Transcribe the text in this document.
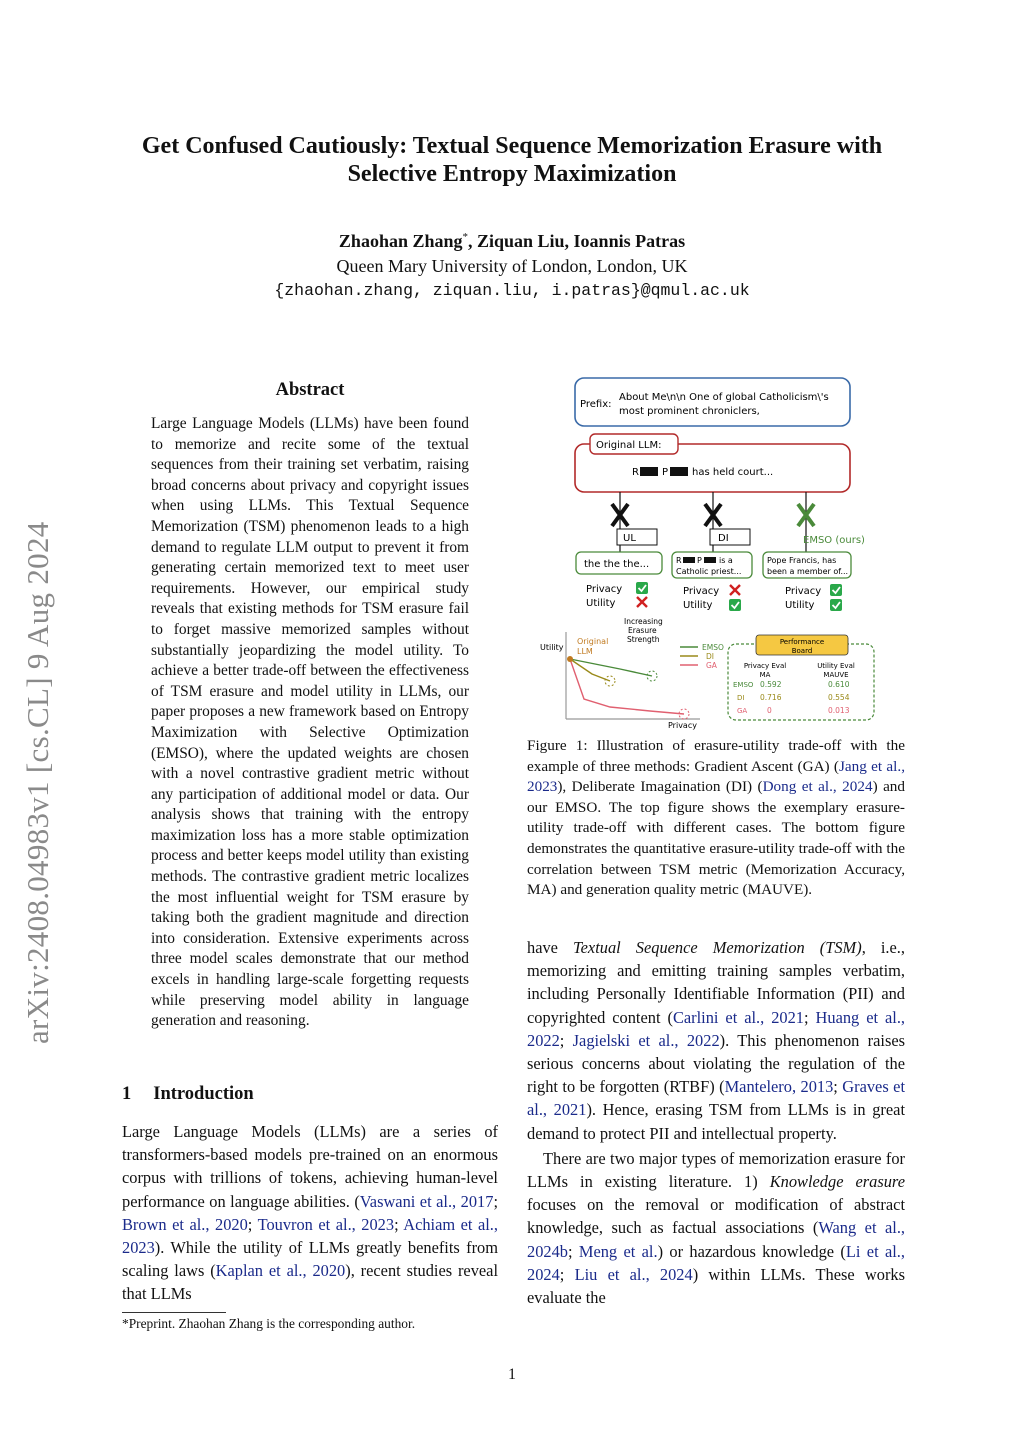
Get Confused Cautiously: Textual Sequence Memorization Erasure with
Selective Entropy Maximization
Zhaohan Zhang*, Ziquan Liu, Ioannis Patras
Queen Mary University of London, London, UK
{zhaohan.zhang, ziquan.liu, i.patras}@qmul.ac.uk
arXiv:2408.04983v1 [cs.CL] 9 Aug 2024
Abstract
Large Language Models (LLMs) have been found to memorize and recite some of the textual sequences from their training set verbatim, raising broad concerns about privacy and copyright issues when using LLMs. This Textual Sequence Memorization (TSM) phenomenon leads to a high demand to regulate LLM output to prevent it from generating certain memorized text to meet user requirements. However, our empirical study reveals that existing methods for TSM erasure fail to forget massive memorized samples without substantially jeopardizing the model utility. To achieve a better trade-off between the effectiveness of TSM erasure and model utility in LLMs, our paper proposes a new framework based on Entropy Maximization with Selective Optimization (EMSO), where the updated weights are chosen with a novel contrastive gradient metric without any participation of additional model or data. Our analysis shows that training with the entropy maximization loss has a more stable optimization process and better keeps model utility than existing methods. The contrastive gradient metric localizes the most influential weight for TSM erasure by taking both the gradient magnitude and direction into consideration. Extensive experiments across three model scales demonstrate that our method excels in handling large-scale forgetting requests while preserving model ability in language generation and reasoning.
1 Introduction
Large Language Models (LLMs) are a series of transformers-based models pre-trained on an enormous corpus with trillions of tokens, achieving human-level performance on language abilities. (Vaswani et al., 2017; Brown et al., 2020; Touvron et al., 2023; Achiam et al., 2023). While the utility of LLMs greatly benefits from scaling laws (Kaplan et al., 2020), recent studies reveal that LLMs
*Preprint. Zhaohan Zhang is the corresponding author.
1
Prefix:
About Me\n\n One of global Catholicism\'s
most prominent chroniclers,
Original LLM:
R P has held court...
UL	DI	EMSO (ours)
the the the...	R P is a
Catholic priest...
Pope Francis, has
been a member of...
Privacy
Utility
Privacy
Utility
Privacy
Utility
Utility
Privacy
Original
LLM
Increasing
Erasure
Strength
EMSO
DI
GA
Performance
Board
Privacy Eval
MA
Utility Eval
MAUVE
EMSO 0.592	0.610
DI 0.716	0.554
GA	0	0.013
Figure 1: Illustration of erasure-utility trade-off with the example of three methods: Gradient Ascent (GA) (Jang et al., 2023), Deliberate Imagaination (DI) (Dong et al., 2024) and our EMSO. The top figure shows the exemplary erasure-utility trade-off with different cases. The bottom figure demonstrates the quantitative erasure-utility trade-off with the correlation between TSM metric (Memorization Accuracy, MA) and generation quality metric (MAUVE).

have Textual Sequence Memorization (TSM), i.e., memorizing and emitting training samples verbatim, including Personally Identifiable Information (PII) and copyrighted content (Carlini et al., 2021; Huang et al., 2022; Jagielski et al., 2022). This phenomenon raises serious concerns about violating the regulation of the right to be forgotten (RTBF) (Mantelero, 2013; Graves et al., 2021). Hence, erasing TSM from LLMs is in great demand to protect PII and intellectual property.

There are two major types of memorization erasure for LLMs in existing literature. 1) Knowledge erasure focuses on the removal or modification of abstract knowledge, such as factual associations (Wang et al., 2024b; Meng et al.) or hazardous knowledge (Li et al., 2024; Liu et al., 2024) within LLMs. These works evaluate the
